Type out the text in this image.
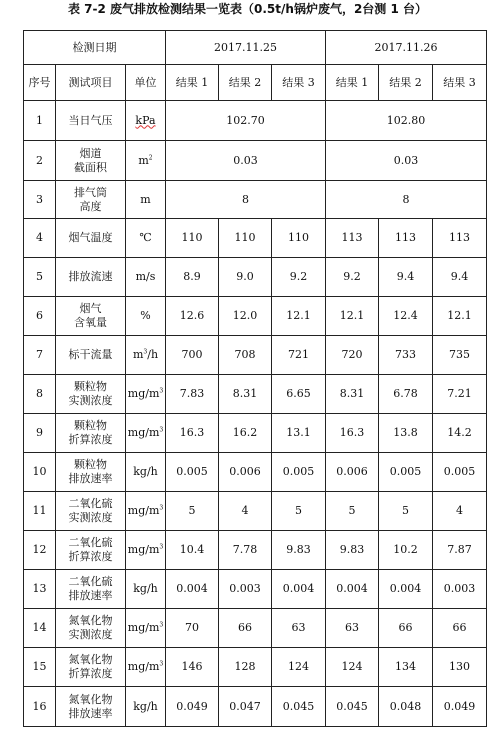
表 7-2 废气排放检测结果一览表（0.5t/h锅炉废气，2台测 1 台）
检测日期			2017.11.25			2017.11.26		
序号	测试项目	单位	结果 1	结果 2	结果 3	结果 1	结果 2	结果 3
1	当日气压	kPa	102.70			102.80		
2	烟道
截面积	$m^2$	0.03			0.03		
3	排气筒
高度	m	8			8		
4	烟气温度	℃	110	110	110	113	113	113
5	排放流速	m/s	8.9	9.0	9.2	9.2	9.4	9.4
6	烟气
含氧量	%	12.6	12.0	12.1	12.1	12.4	12.1
7	标干流量	$m^3/h$	700	708	721	720	733	735
8	颗粒物
实测浓度	$mg/m^3$	7.83	8.31	6.65	8.31	6.78	7.21
9	颗粒物
折算浓度	$mg/m^3$	16.3	16.2	13.1	16.3	13.8	14.2
10	颗粒物
排放速率	kg/h	0.005	0.006	0.005	0.006	0.005	0.005
11	二氧化硫
实测浓度	$mg/m^3$	5	4	5	5	5	4
12	二氧化硫
折算浓度	$mg/m^3$	10.4	7.78	9.83	9.83	10.2	7.87
13	二氧化硫
排放速率	kg/h	0.004	0.003	0.004	0.004	0.004	0.003
14	氮氧化物
实测浓度	$mg/m^3$	70	66	63	63	66	66
15	氮氧化物
折算浓度	$mg/m^3$	146	128	124	124	134	130
16	氮氧化物
排放速率	kg/h	0.049	0.047	0.045	0.045	0.048	0.049
